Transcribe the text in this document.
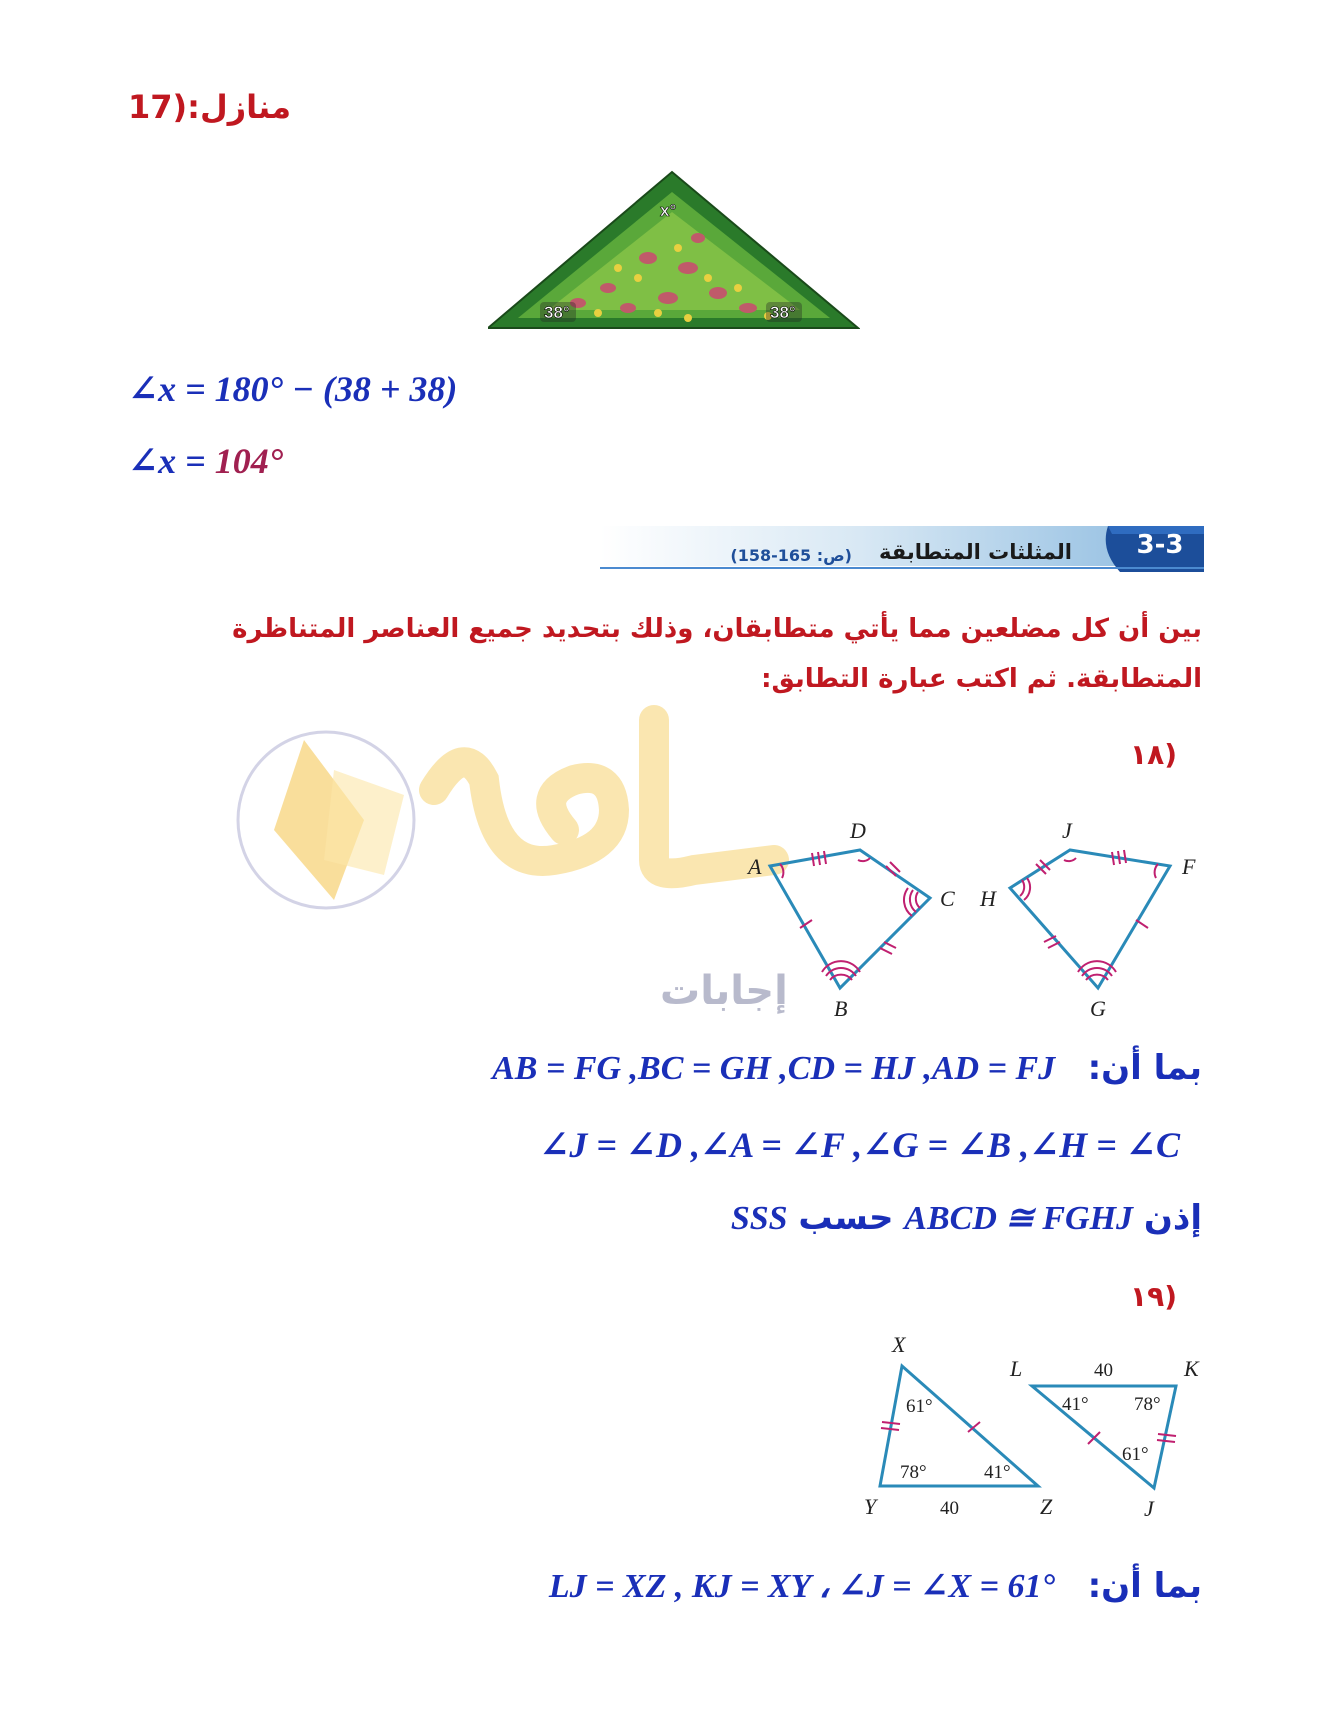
منازل:(17
38°	38°
x°
∠x = 180° − (38 + 38)
∠x = 104°
3-3
المثلثات المتطابقة
(ص: 165-158)
بين أن كل مضلعين مما يأتي متطابقان، وذلك بتحديد جميع العناصر المتناظرة المتطابقة. ثم اكتب عبارة التطابق:
إجابات
١٨)
A
B
C
D
F
G
H
J
بما أن:   AB = FG ,BC = GH ,CD = HJ ,AD = FJ
∠J = ∠D ,∠A = ∠F ,∠G = ∠B ,∠H = ∠C
إذن ABCD ≅ FGHJ حسب SSS
١٩)
61°
78°	41°
40
41° 78°
61°
40
X
Y	Z
L	K
J
بما أن:   LJ = XZ , KJ = XY ، ∠J = ∠X = 61°
